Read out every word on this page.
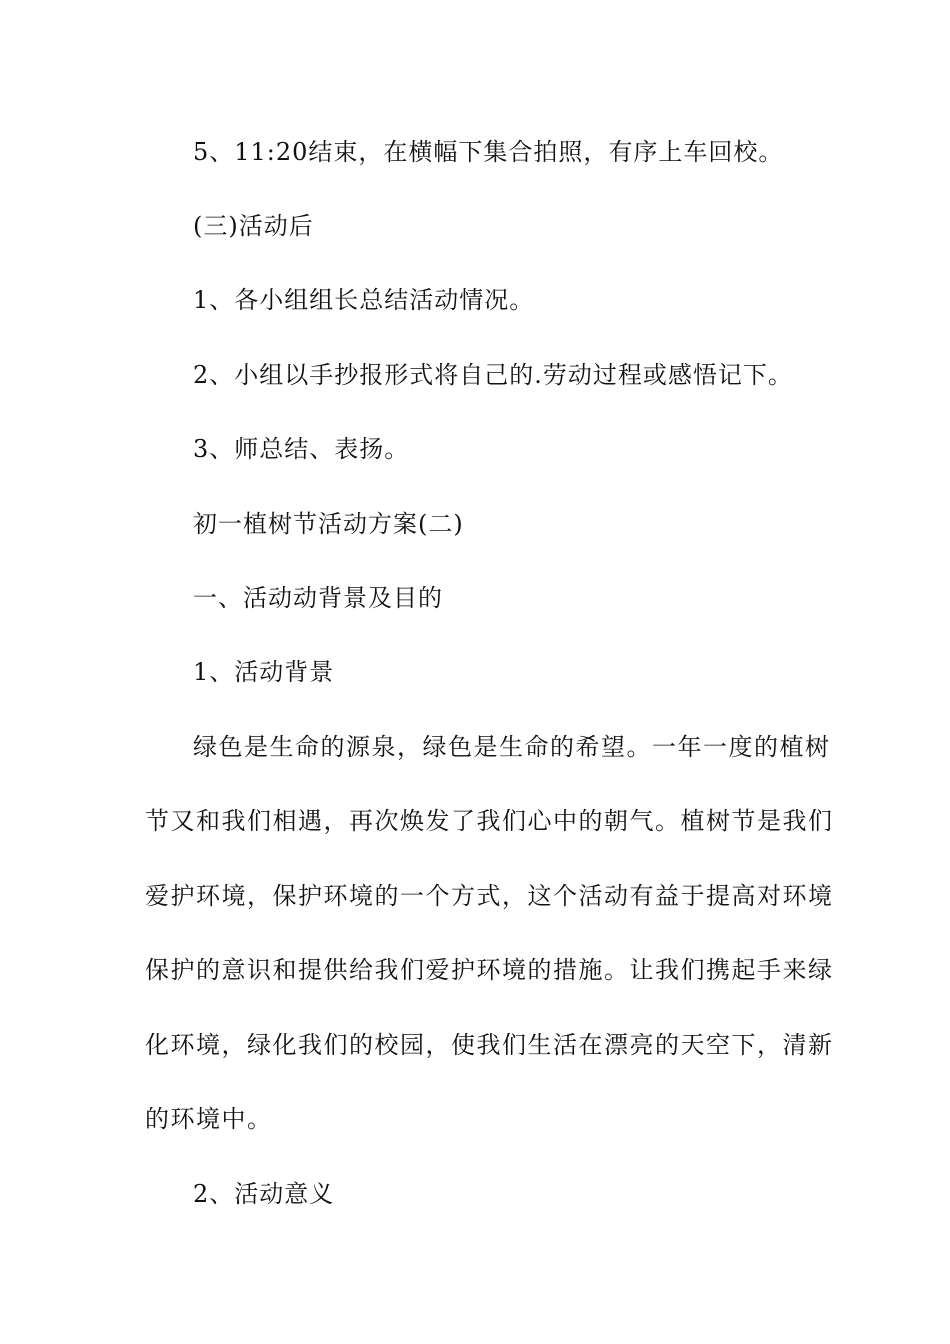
5、11:20结束，在横幅下集合拍照，有序上车回校。
(三)活动后
1、各小组组长总结活动情况。
2、小组以手抄报形式将自己的.劳动过程或感悟记下。
3、师总结、表扬。
初一植树节活动方案(二)
一、活动动背景及目的
1、活动背景
绿色是生命的源泉，绿色是生命的希望。一年一度的植树
节又和我们相遇，再次焕发了我们心中的朝气。植树节是我们
爱护环境，保护环境的一个方式，这个活动有益于提高对环境
保护的意识和提供给我们爱护环境的措施。让我们携起手来绿
化环境，绿化我们的校园，使我们生活在漂亮的天空下，清新
的环境中。
2、活动意义
